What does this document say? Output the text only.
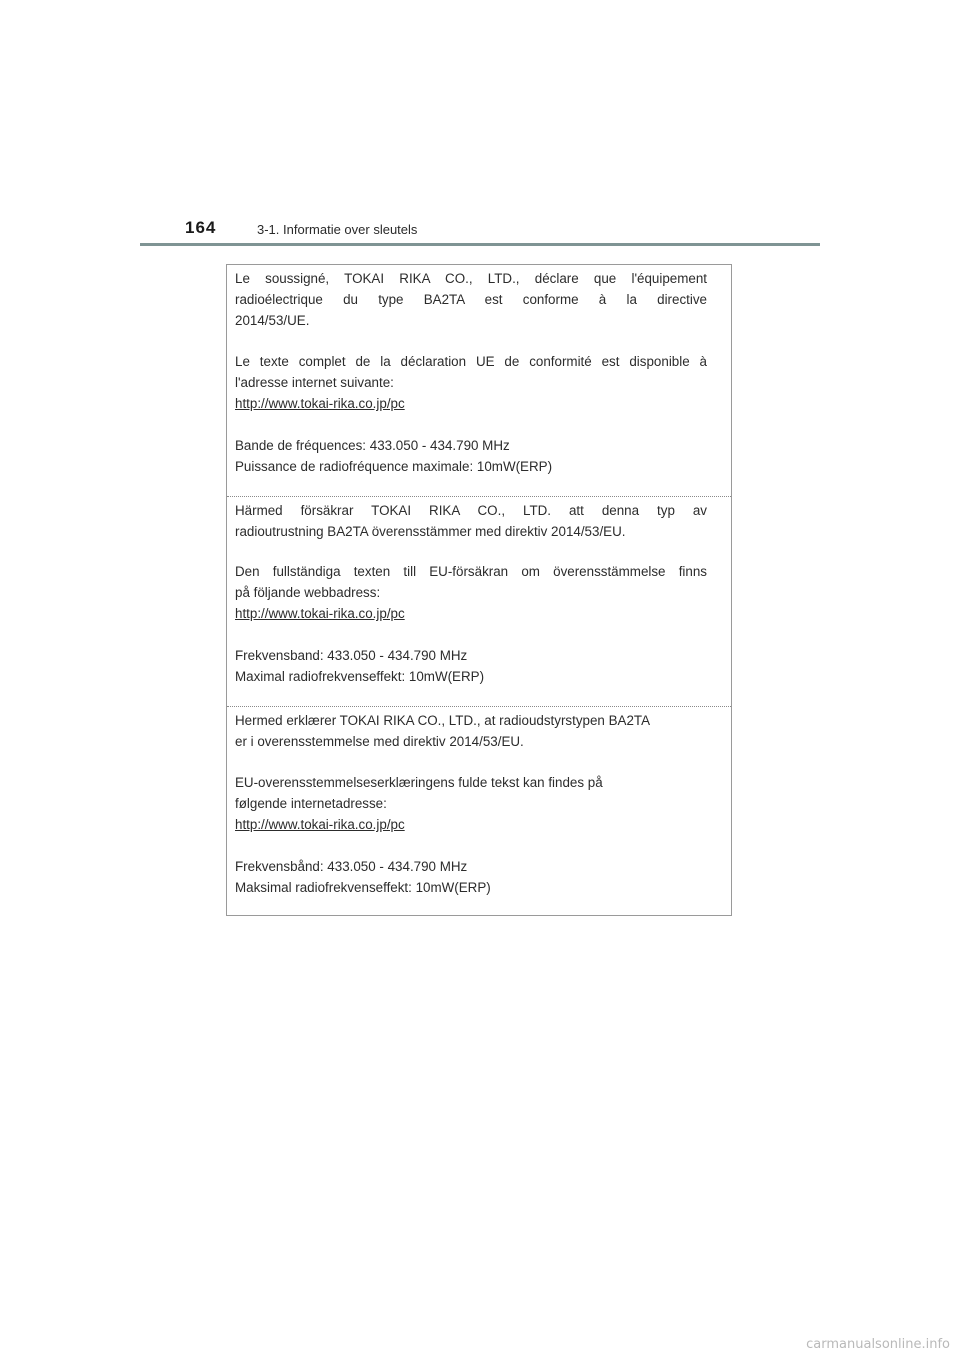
164	3-1. Informatie over sleutels
Le soussigné, TOKAI RIKA CO., LTD., déclare que l'équipement
radioélectrique du type BA2TA est conforme à la directive
2014/53/UE.
Le texte complet de la déclaration UE de conformité est disponible à
l'adresse internet suivante:
http://www.tokai-rika.co.jp/pc
Bande de fréquences: 433.050 - 434.790 MHz
Puissance de radiofréquence maximale: 10mW(ERP)
Härmed försäkrar TOKAI RIKA CO., LTD. att denna typ av
radioutrustning BA2TA överensstämmer med direktiv 2014/53/EU.
Den fullständiga texten till EU-försäkran om överensstämmelse finns
på följande webbadress:
http://www.tokai-rika.co.jp/pc
Frekvensband: 433.050 - 434.790 MHz
Maximal radiofrekvenseffekt: 10mW(ERP)
Hermed erklærer TOKAI RIKA CO., LTD., at radioudstyrstypen BA2TA
er i overensstemmelse med direktiv 2014/53/EU.
EU-overensstemmelseserklæringens fulde tekst kan findes på
følgende internetadresse:
http://www.tokai-rika.co.jp/pc
Frekvensbånd: 433.050 - 434.790 MHz
Maksimal radiofrekvenseffekt: 10mW(ERP)
carmanualsonline.info
